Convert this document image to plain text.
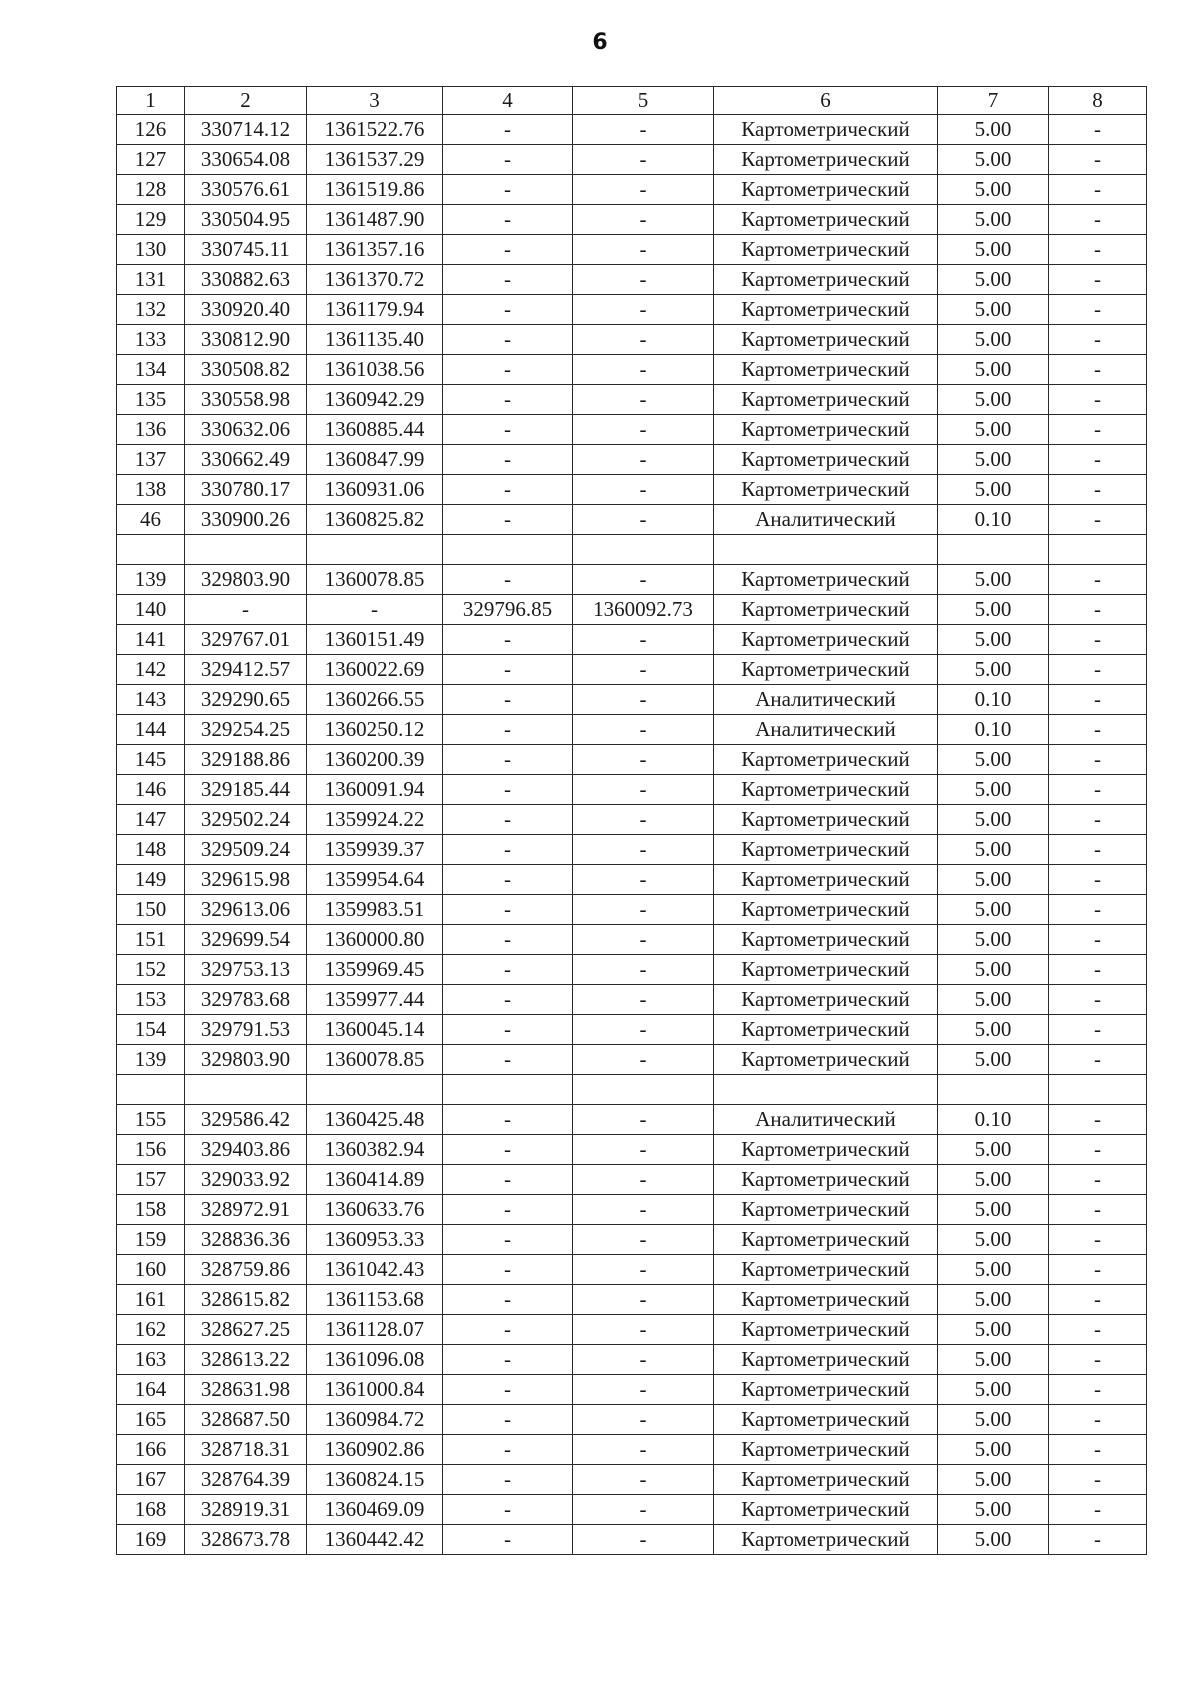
6
1	2	3	4	5	6	7	8
126	330714.12	1361522.76	-	-	Картометрический	5.00	-
127	330654.08	1361537.29	-	-	Картометрический	5.00	-
128	330576.61	1361519.86	-	-	Картометрический	5.00	-
129	330504.95	1361487.90	-	-	Картометрический	5.00	-
130	330745.11	1361357.16	-	-	Картометрический	5.00	-
131	330882.63	1361370.72	-	-	Картометрический	5.00	-
132	330920.40	1361179.94	-	-	Картометрический	5.00	-
133	330812.90	1361135.40	-	-	Картометрический	5.00	-
134	330508.82	1361038.56	-	-	Картометрический	5.00	-
135	330558.98	1360942.29	-	-	Картометрический	5.00	-
136	330632.06	1360885.44	-	-	Картометрический	5.00	-
137	330662.49	1360847.99	-	-	Картометрический	5.00	-
138	330780.17	1360931.06	-	-	Картометрический	5.00	-
46	330900.26	1360825.82	-	-	Аналитический	0.10	-

139	329803.90	1360078.85	-	-	Картометрический	5.00	-
140	-	-	329796.85	1360092.73	Картометрический	5.00	-
141	329767.01	1360151.49	-	-	Картометрический	5.00	-
142	329412.57	1360022.69	-	-	Картометрический	5.00	-
143	329290.65	1360266.55	-	-	Аналитический	0.10	-
144	329254.25	1360250.12	-	-	Аналитический	0.10	-
145	329188.86	1360200.39	-	-	Картометрический	5.00	-
146	329185.44	1360091.94	-	-	Картометрический	5.00	-
147	329502.24	1359924.22	-	-	Картометрический	5.00	-
148	329509.24	1359939.37	-	-	Картометрический	5.00	-
149	329615.98	1359954.64	-	-	Картометрический	5.00	-
150	329613.06	1359983.51	-	-	Картометрический	5.00	-
151	329699.54	1360000.80	-	-	Картометрический	5.00	-
152	329753.13	1359969.45	-	-	Картометрический	5.00	-
153	329783.68	1359977.44	-	-	Картометрический	5.00	-
154	329791.53	1360045.14	-	-	Картометрический	5.00	-
139	329803.90	1360078.85	-	-	Картометрический	5.00	-

155	329586.42	1360425.48	-	-	Аналитический	0.10	-
156	329403.86	1360382.94	-	-	Картометрический	5.00	-
157	329033.92	1360414.89	-	-	Картометрический	5.00	-
158	328972.91	1360633.76	-	-	Картометрический	5.00	-
159	328836.36	1360953.33	-	-	Картометрический	5.00	-
160	328759.86	1361042.43	-	-	Картометрический	5.00	-
161	328615.82	1361153.68	-	-	Картометрический	5.00	-
162	328627.25	1361128.07	-	-	Картометрический	5.00	-
163	328613.22	1361096.08	-	-	Картометрический	5.00	-
164	328631.98	1361000.84	-	-	Картометрический	5.00	-
165	328687.50	1360984.72	-	-	Картометрический	5.00	-
166	328718.31	1360902.86	-	-	Картометрический	5.00	-
167	328764.39	1360824.15	-	-	Картометрический	5.00	-
168	328919.31	1360469.09	-	-	Картометрический	5.00	-
169	328673.78	1360442.42	-	-	Картометрический	5.00	-
